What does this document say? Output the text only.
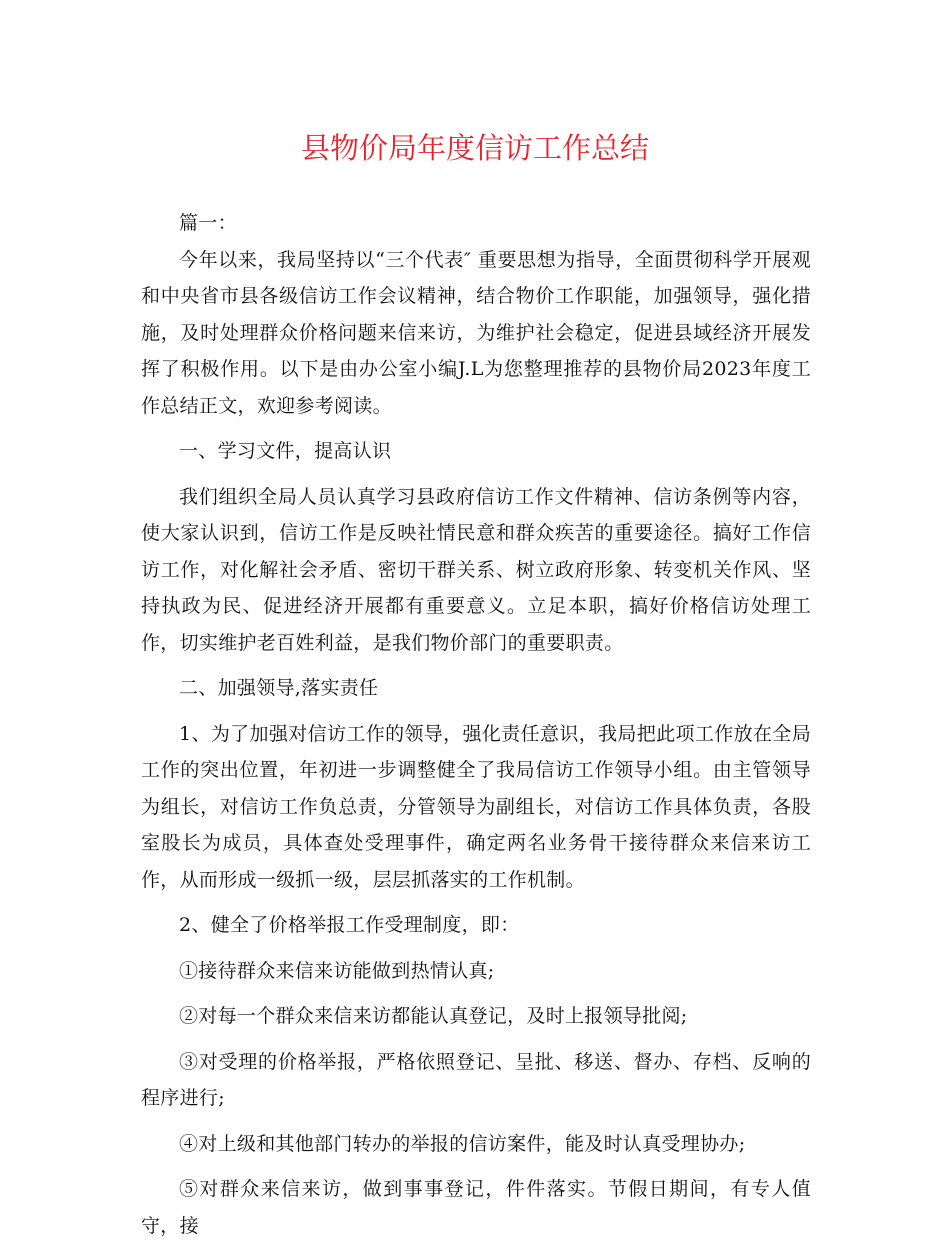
县物价局年度信访工作总结

篇一：

今年以来，我局坚持以“三个代表″ 重要思想为指导，全面贯彻科学开展观和中央省市县各级信访工作会议精神，结合物价工作职能，加强领导，强化措施，及时处理群众价格问题来信来访，为维护社会稳定，促进县域经济开展发挥了积极作用。以下是由办公室小编J.L为您整理推荐的县物价局2023年度工作总结正文，欢迎参考阅读。

一、学习文件，提高认识

我们组织全局人员认真学习县政府信访工作文件精神、信访条例等内容，使大家认识到，信访工作是反映社情民意和群众疾苦的重要途径。搞好工作信访工作，对化解社会矛盾、密切干群关系、树立政府形象、转变机关作风、坚持执政为民、促进经济开展都有重要意义。立足本职，搞好价格信访处理工作，切实维护老百姓利益，是我们物价部门的重要职责。

二、加强领导,落实责任

1、为了加强对信访工作的领导，强化责任意识，我局把此项工作放在全局工作的突出位置，年初进一步调整健全了我局信访工作领导小组。由主管领导为组长，对信访工作负总责，分管领导为副组长，对信访工作具体负责，各股室股长为成员，具体查处受理事件，确定两名业务骨干接待群众来信来访工作，从而形成一级抓一级，层层抓落实的工作机制。

2、健全了价格举报工作受理制度，即：

①接待群众来信来访能做到热情认真;

②对每一个群众来信来访都能认真登记，及时上报领导批阅;

③对受理的价格举报，严格依照登记、呈批、移送、督办、存档、反响的程序进行;

④对上级和其他部门转办的举报的信访案件，能及时认真受理协办;

⑤对群众来信来访，做到事事登记，件件落实。节假日期间，有专人值守，接
